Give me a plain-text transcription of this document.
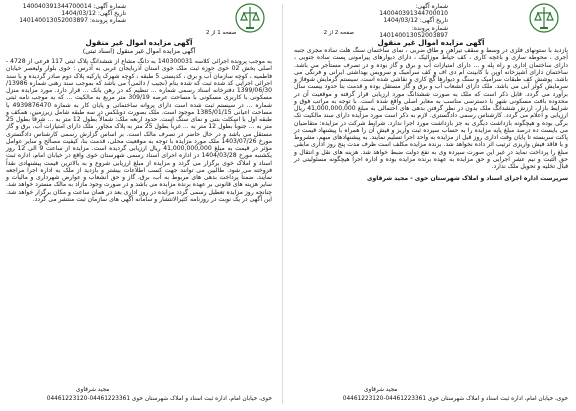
شماره آگهی: 140040391344700014
تاریخ آگهی: 1404/03/12
شماره پرونده: 140140013052003897
صفحه 1 از 2
آگهی مزایده اموال غیر منقول
آگهی مزایده اموال غیر منقول (اسناد ثبتی)
به موجب پرونده اجرائی کلاسه 140300031 به دانگ مشاع از ششدانگ پلاک ثبتی 117 فرعی از 4728 - اصلی بخش 02 خوی حوزه ثبت ملک خوی استان آذربایجان غربی به آدرس : خوی بلوار ولیعصر خیابان فاطمیه ، کوچه سازمان آب و برق ، کدپستی 5 طبقه ، کوچه شهرک پارکیه پلاک دوم صادر گردیده و با سند اجرائی اجرایی کد شده ثبت که شده بنام (نجیب / دائمی) می باشد که بموجب سند رهنی شماره 13986/ 1399/06/30 دفترخانه اسناد رسمی شماره ... تنظیم که در رهن بانک ... قرار دارد. مورد مزایده منزل مسکونی با کاربری مسکونی با مساحت عرصه 309/19 متر مربع به مالکیت ... که به موجب نامه ثبتی شماره ... در سیستم ثبت شده است دارای پروانه ساختمانی و پایان کار به شماره 4939876470 با مساحت اعیانی 1385/01/15 موجود است. ملک بصورت دوبلکس در سه طبقه شامل زیرزمین، همکف و طبقه اول با اسکلت بتنی و نمای سنگ است. حدود اربعه ملک: شمالاً بطول 12 متر به ... شرقاً بطول 25 متر به ... جنوباً بطول 12 متر به ... غرباً بطول 25 متر به پلاک مجاور. ملک دارای امتیازات آب، برق و گاز مستقل می باشد و در حال حاضر در تصرف مالک است. بر اساس گزارش رسمی کارشناس دادگستری مورخ 1403/07/26 ملک مورد مزایده با توجه به موقعیت محلی، قدمت بنا، کیفیت مصالح و سایر عوامل مؤثر در قیمت به مبلغ 41,000,000,000 ریال ارزیابی گردیده است. مزایده از ساعت 9 الی 12 روز یکشنبه مورخ 1404/03/28 در اداره اجرای اسناد رسمی شهرستان خوی واقع در خیابان امام، اداره ثبت اسناد و املاک خوی برگزار می گردد و مزایده از مبلغ ارزیابی شروع و به بالاترین قیمت پیشنهادی نقداً فروخته می شود. طالبین می توانند جهت کسب اطلاعات بیشتر و بازدید از ملک به اداره اجرا مراجعه نمایند. ضمناً پرداخت بدهی های مربوط به آب، برق، گاز و حق انشعاب و عوارض شهرداری و مالیات و سایر هزینه های قانونی بر عهده برنده مزایده می باشد و در صورت وجود مازاد به مالک مسترد خواهد شد. چنانچه روز مزایده تعطیل رسمی گردد مزایده در روز اداری بعد در همان ساعت و مکان برگزار خواهد شد. این آگهی در یک نوبت در روزنامه کثیرالانتشار و سامانه آگهی های سازمان ثبت منتشر می گردد.
مجید شرقاوی
خوی، خیابان امام، اداره ثبت اسناد و املاک شهرستان خوی 04461223361-04461223120
شماره آگهی: 140040391344700010
تاریخ آگهی: 1404/03/12
شماره پرونده: 140140013052003897
صفحه 2 از 2
آگهی مزایده اموال غیر منقول
بازدید با ستونهای فلزی در وسط و سقف تیرآهن و طاق ضربی ، نمای ساختمان سنگ هلت ساده مجری جنبه آجری ، محوطه سازی و باغچه کاری ، کف حیاط موزائیک ، دارای دیوارهای پیرامونی پست ساده جنوبی ، دارای ساختمان اداری و راه پله و ... دارای امتیازات آب و برق و گاز بوده و در تصرف مستأجر می باشد. ساختمان دارای آشپزخانه اوپن با کابینت ام دی اف و کف سرامیک و سرویس بهداشتی ایرانی و فرنگی می باشد. پوشش کف طبقات سرامیک و سنگ و دیوارها گچ کاری و نقاشی شده است. سیستم گرمایش شوفاژ و سرمایش کولر آبی می باشد. ملک دارای انشعاب آب و برق و گاز مستقل بوده و قدمت بنا حدود بیست سال برآورد می گردد. قابل ذکر است که ملک به صورت ششدانگ مورد ارزیابی قرار گرفته و موقعیت آن در محدوده بافت مسکونی شهر با دسترسی مناسب به معابر اصلی واقع شده است. با توجه به مراتب فوق و شرایط بازار، ارزش ششدانگ ملک بدون در نظر گرفتن بدهی های احتمالی به مبلغ 41,000,000,000 ریال ارزیابی و اعلام می گردد. کارشناس رسمی دادگستری. لازم به ذکر است مورد مزایده دارای سند مالکیت تک برگی بوده و هیچگونه بازداشت دیگری به جز بازداشت مورد اجرا ندارد. شرایط شرکت در مزایده: متقاضیان می بایست ده درصد مبلغ پایه مزایده را به حساب سپرده ثبت واریز و فیش آن را همراه با پیشنهاد قیمت در پاکت سربسته تا پایان وقت اداری روز قبل از مزایده به واحد اجرا تسلیم نمایند. به پیشنهادهای مبهم، مشروط و یا فاقد فیش واریزی ترتیب اثر داده نخواهد شد. برنده مزایده مکلف است ظرف مدت پنج روز اداری مابقی مبلغ را پرداخت نماید در غیر این صورت سپرده وی به نفع دولت ضبط خواهد شد. هزینه های نقل و انتقال و حق الثبت و نیم عشر اجرایی و حق مزایده به عهده برنده مزایده بوده و اداره اجرا هیچگونه مسئولیتی در قبال تخلیه و تحویل ملک ندارد.
سرپرست اداره اجرای اسناد و املاک شهرستان خوی - مجید شرقاوی
مجید شرقاوی
خوی، خیابان امام، اداره ثبت اسناد و املاک شهرستان خوی 04461223361-04461223120
